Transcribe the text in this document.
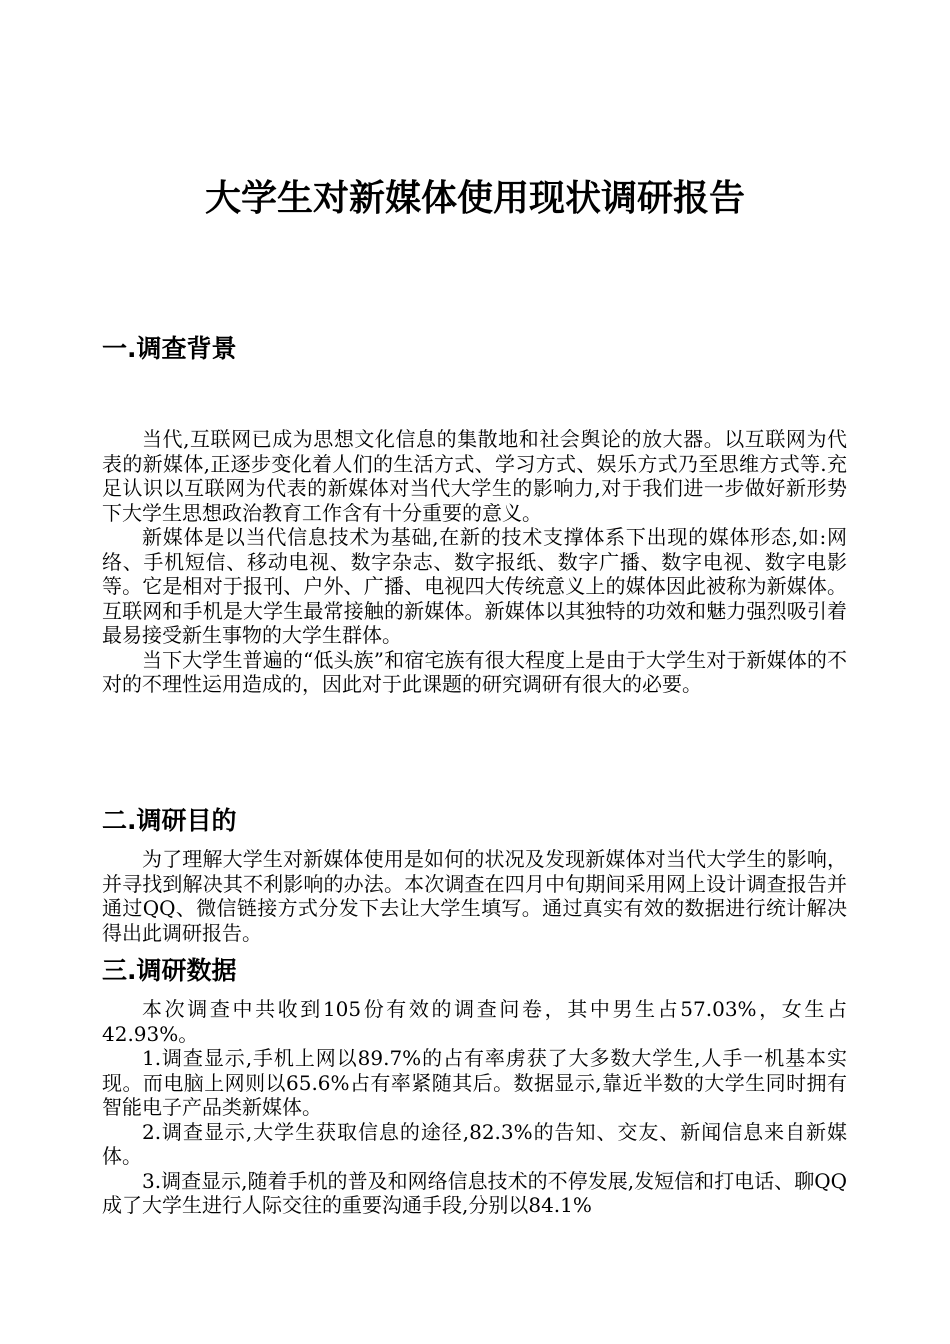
大学生对新媒体使用现状调研报告
一.调查背景

当代,互联网已成为思想文化信息的集散地和社会舆论的放大器。以互联网为代表的新媒体,正逐步变化着人们的生活方式、学习方式、娱乐方式乃至思维方式等.充足认识以互联网为代表的新媒体对当代大学生的影响力,对于我们进一步做好新形势下大学生思想政治教育工作含有十分重要的意义。

新媒体是以当代信息技术为基础,在新的技术支撑体系下出现的媒体形态,如:网络、手机短信、移动电视、数字杂志、数字报纸、数字广播、数字电视、数字电影等。它是相对于报刊、户外、广播、电视四大传统意义上的媒体因此被称为新媒体。互联网和手机是大学生最常接触的新媒体。新媒体以其独特的功效和魅力强烈吸引着最易接受新生事物的大学生群体。

当下大学生普遍的“低头族”和宿宅族有很大程度上是由于大学生对于新媒体的不对的不理性运用造成的，因此对于此课题的研究调研有很大的必要。

二.调研目的

为了理解大学生对新媒体使用是如何的状况及发现新媒体对当代大学生的影响，并寻找到解决其不利影响的办法。本次调查在四月中旬期间采用网上设计调查报告并通过QQ、微信链接方式分发下去让大学生填写。通过真实有效的数据进行统计解决得出此调研报告。

三.调研数据

本次调查中共收到105份有效的调查问卷，其中男生占57.03%，女生占42.93%。

1.调查显示,手机上网以89.7%的占有率虏获了大多数大学生,人手一机基本实现。而电脑上网则以65.6%占有率紧随其后。数据显示,靠近半数的大学生同时拥有智能电子产品类新媒体。

2.调查显示,大学生获取信息的途径,82.3%的告知、交友、新闻信息来自新媒体。

3.调查显示,随着手机的普及和网络信息技术的不停发展,发短信和打电话、聊QQ成了大学生进行人际交往的重要沟通手段,分别以84.1%
